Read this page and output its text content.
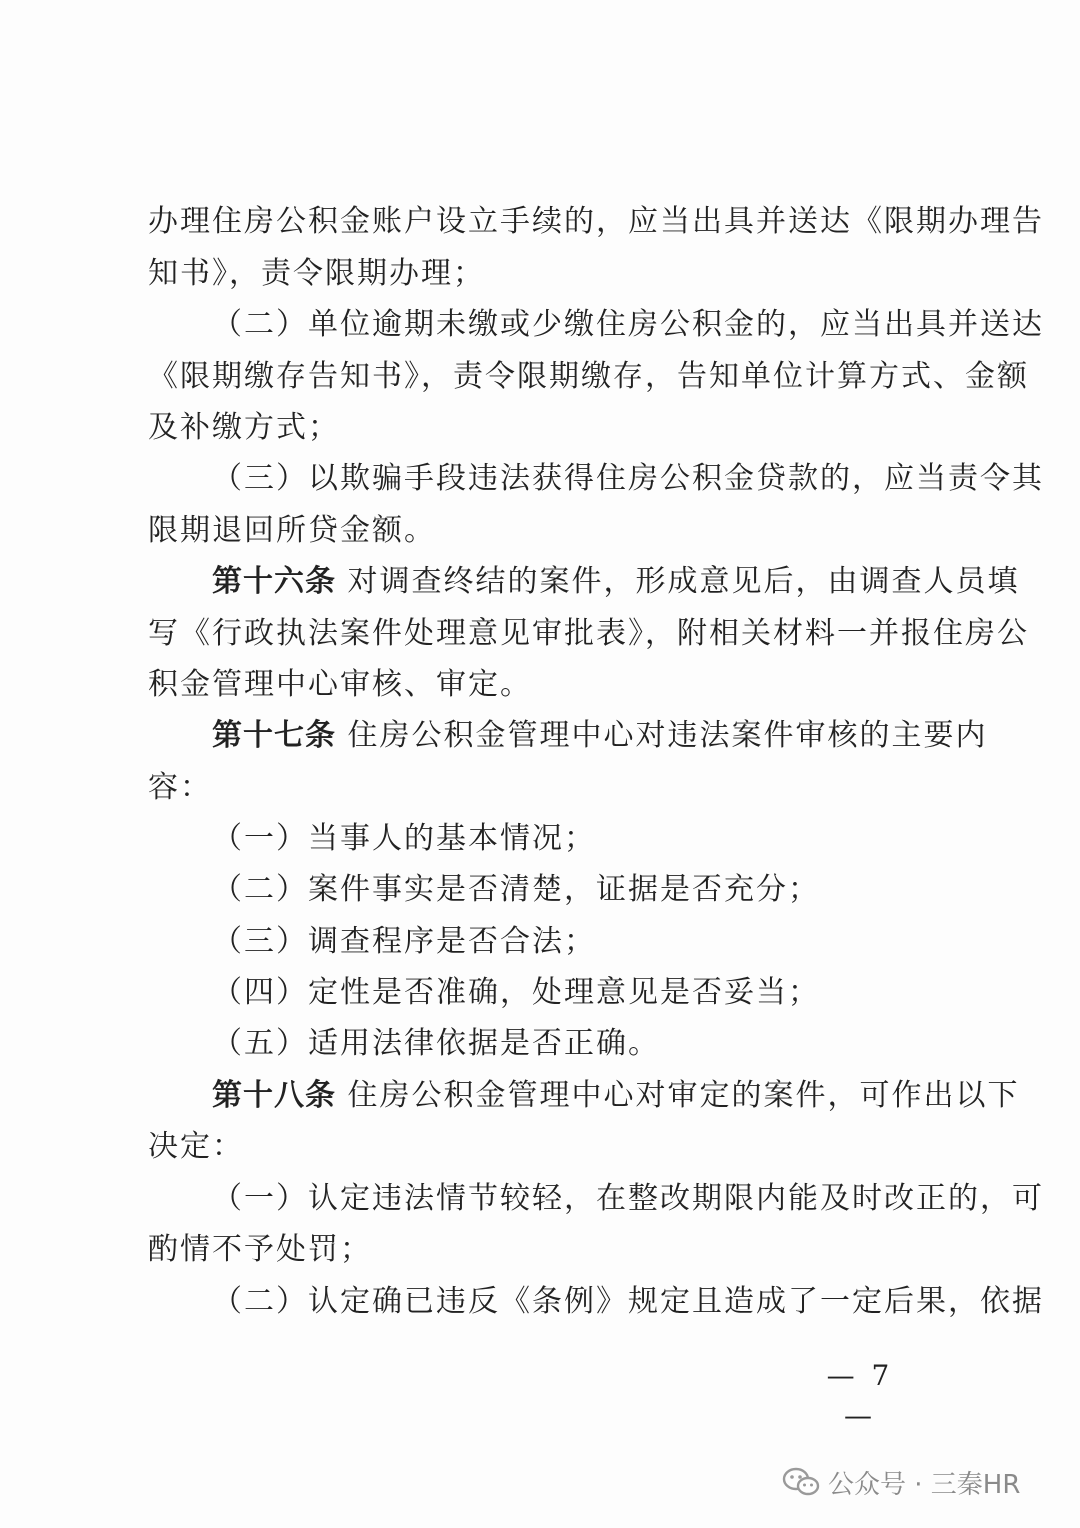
办理住房公积金账户设立手续的，应当出具并送达《限期办理告
知书》，责令限期办理；
（二）单位逾期未缴或少缴住房公积金的，应当出具并送达
《限期缴存告知书》，责令限期缴存，告知单位计算方式、金额
及补缴方式；
（三）以欺骗手段违法获得住房公积金贷款的，应当责令其
限期退回所贷金额。
第十六条 对调查终结的案件，形成意见后，由调查人员填
写《行政执法案件处理意见审批表》，附相关材料一并报住房公
积金管理中心审核、审定。
第十七条 住房公积金管理中心对违法案件审核的主要内
容：
（一）当事人的基本情况；
（二）案件事实是否清楚，证据是否充分；
（三）调查程序是否合法；
（四）定性是否准确，处理意见是否妥当；
（五）适用法律依据是否正确。
第十八条 住房公积金管理中心对审定的案件，可作出以下
决定：
（一）认定违法情节较轻，在整改期限内能及时改正的，可
酌情不予处罚；
（二）认定确已违反《条例》规定且造成了一定后果，依据
— 7 —
公众号 · 三秦HR
